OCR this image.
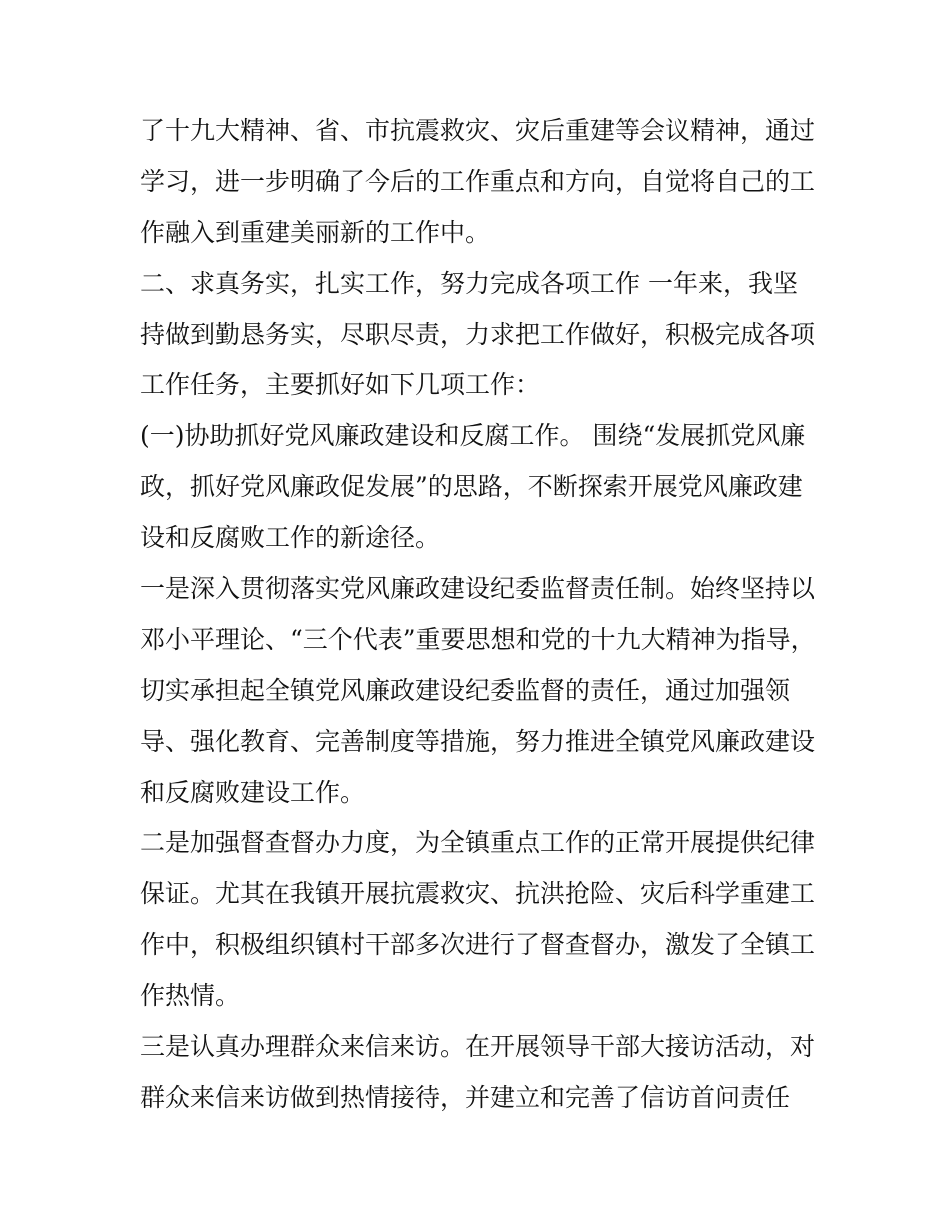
了十九大精神、省、市抗震救灾、灾后重建等会议精神，通过
学习，进一步明确了今后的工作重点和方向，自觉将自己的工
作融入到重建美丽新的工作中。
二、求真务实，扎实工作，努力完成各项工作 一年来，我坚
持做到勤恳务实，尽职尽责，力求把工作做好，积极完成各项
工作任务，主要抓好如下几项工作：
(一)协助抓好党风廉政建设和反腐工作。 围绕“发展抓党风廉
政，抓好党风廉政促发展”的思路，不断探索开展党风廉政建
设和反腐败工作的新途径。
一是深入贯彻落实党风廉政建设纪委监督责任制。始终坚持以
邓小平理论、“三个代表”重要思想和党的十九大精神为指导，
切实承担起全镇党风廉政建设纪委监督的责任，通过加强领
导、强化教育、完善制度等措施，努力推进全镇党风廉政建设
和反腐败建设工作。
二是加强督查督办力度，为全镇重点工作的正常开展提供纪律
保证。尤其在我镇开展抗震救灾、抗洪抢险、灾后科学重建工
作中，积极组织镇村干部多次进行了督查督办，激发了全镇工
作热情。
三是认真办理群众来信来访。在开展领导干部大接访活动，对
群众来信来访做到热情接待，并建立和完善了信访首问责任
